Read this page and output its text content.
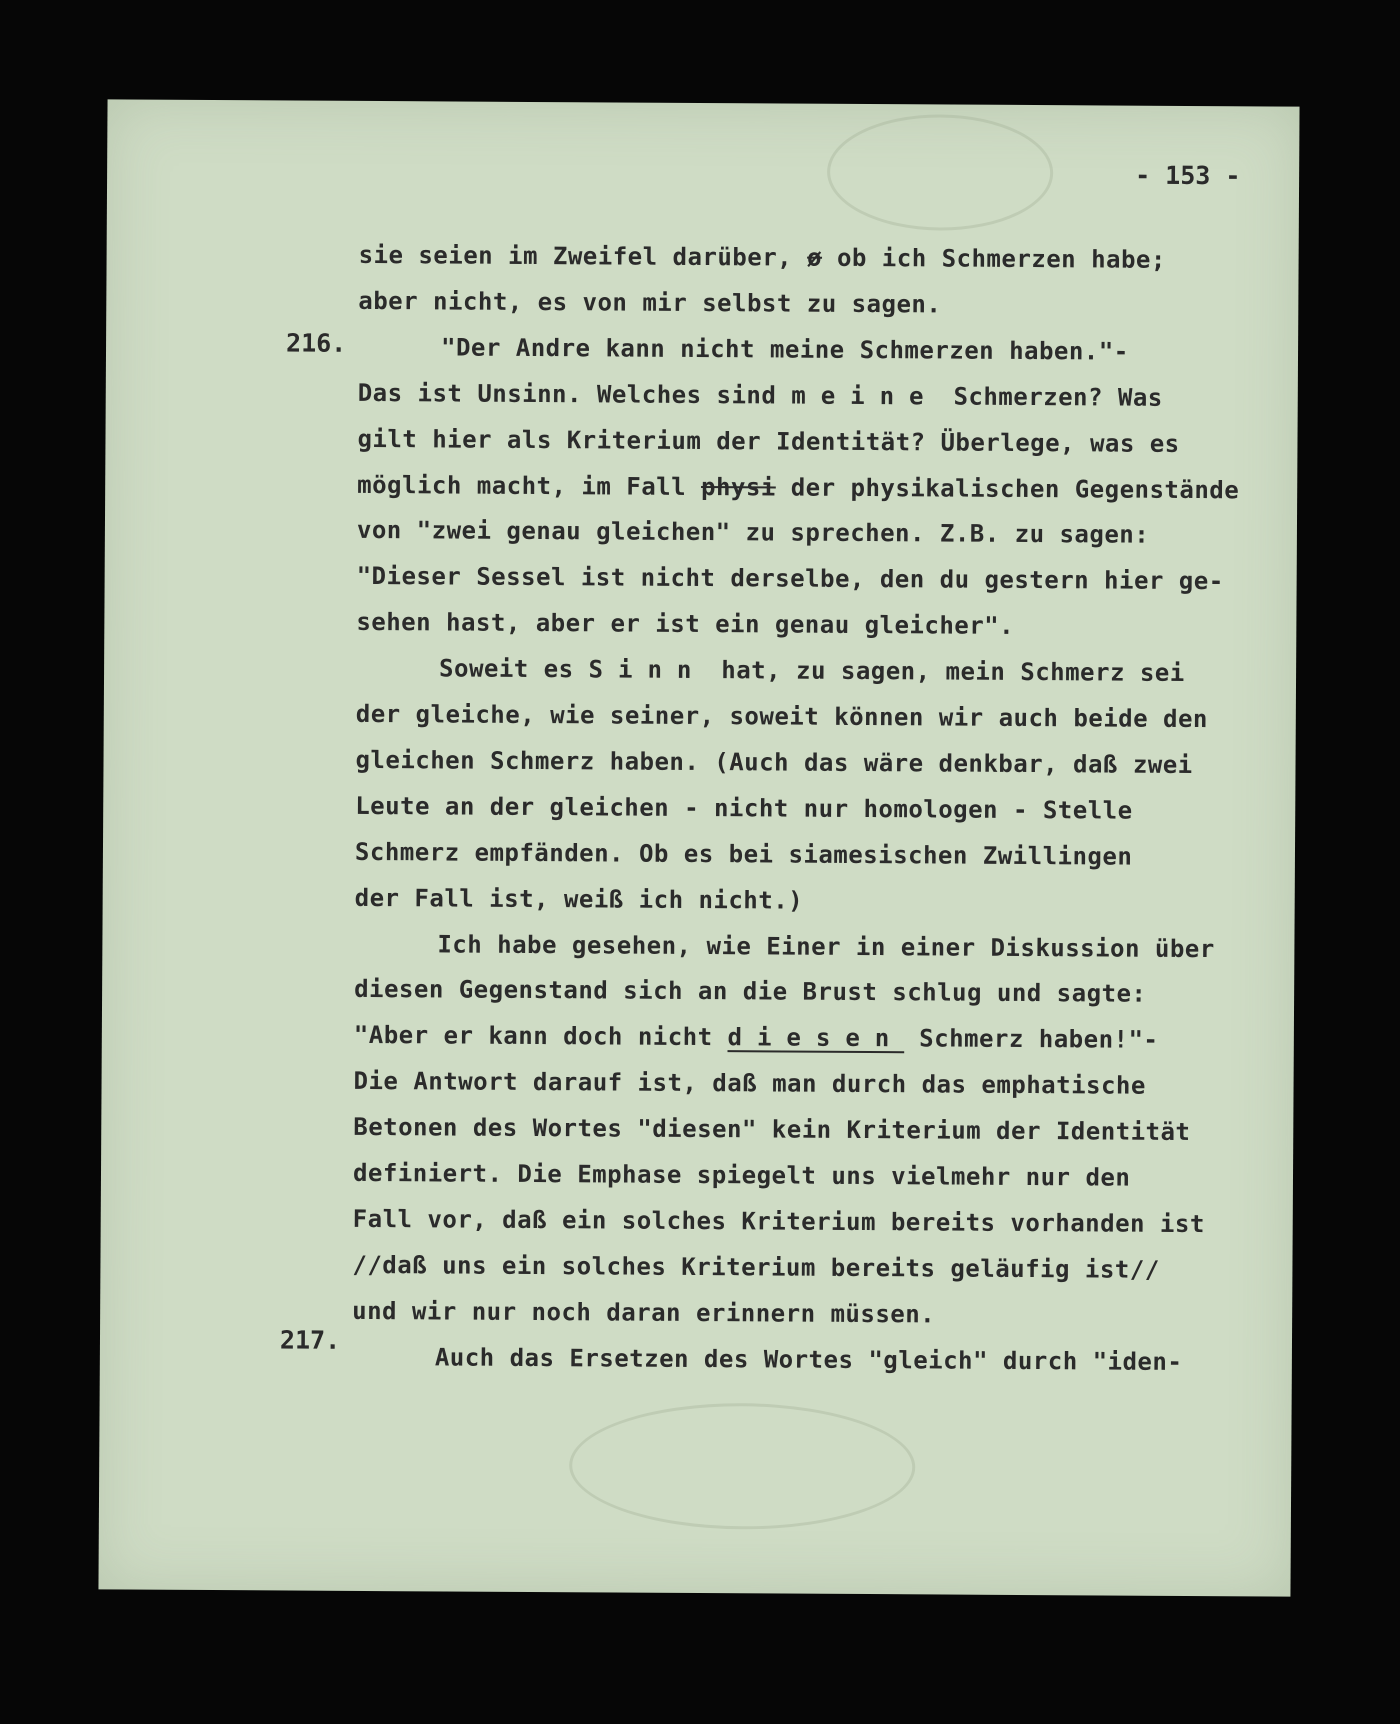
- 153 -
216.
217.
sie seien im Zweifel darüber, ø ob ich Schmerzen habe;
aber nicht, es von mir selbst zu sagen.
"Der Andre kann nicht meine Schmerzen haben."-
Das ist Unsinn. Welches sind meine Schmerzen? Was
gilt hier als Kriterium der Identität? Überlege, was es
möglich macht, im Fall physi der physikalischen Gegenstände
von "zwei genau gleichen" zu sprechen. Z.B. zu sagen:
"Dieser Sessel ist nicht derselbe, den du gestern hier ge-
sehen hast, aber er ist ein genau gleicher".
Soweit es Sinn hat, zu sagen, mein Schmerz sei
der gleiche, wie seiner, soweit können wir auch beide den
gleichen Schmerz haben. (Auch das wäre denkbar, daß zwei
Leute an der gleichen - nicht nur homologen - Stelle
Schmerz empfänden. Ob es bei siamesischen Zwillingen
der Fall ist, weiß ich nicht.)
Ich habe gesehen, wie Einer in einer Diskussion über
diesen Gegenstand sich an die Brust schlug und sagte:
"Aber er kann doch nicht diesen Schmerz haben!"-
Die Antwort darauf ist, daß man durch das emphatische
Betonen des Wortes "diesen" kein Kriterium der Identität
definiert. Die Emphase spiegelt uns vielmehr nur den
Fall vor, daß ein solches Kriterium bereits vorhanden ist
//daß uns ein solches Kriterium bereits geläufig ist//
und wir nur noch daran erinnern müssen.
Auch das Ersetzen des Wortes "gleich" durch "iden-
